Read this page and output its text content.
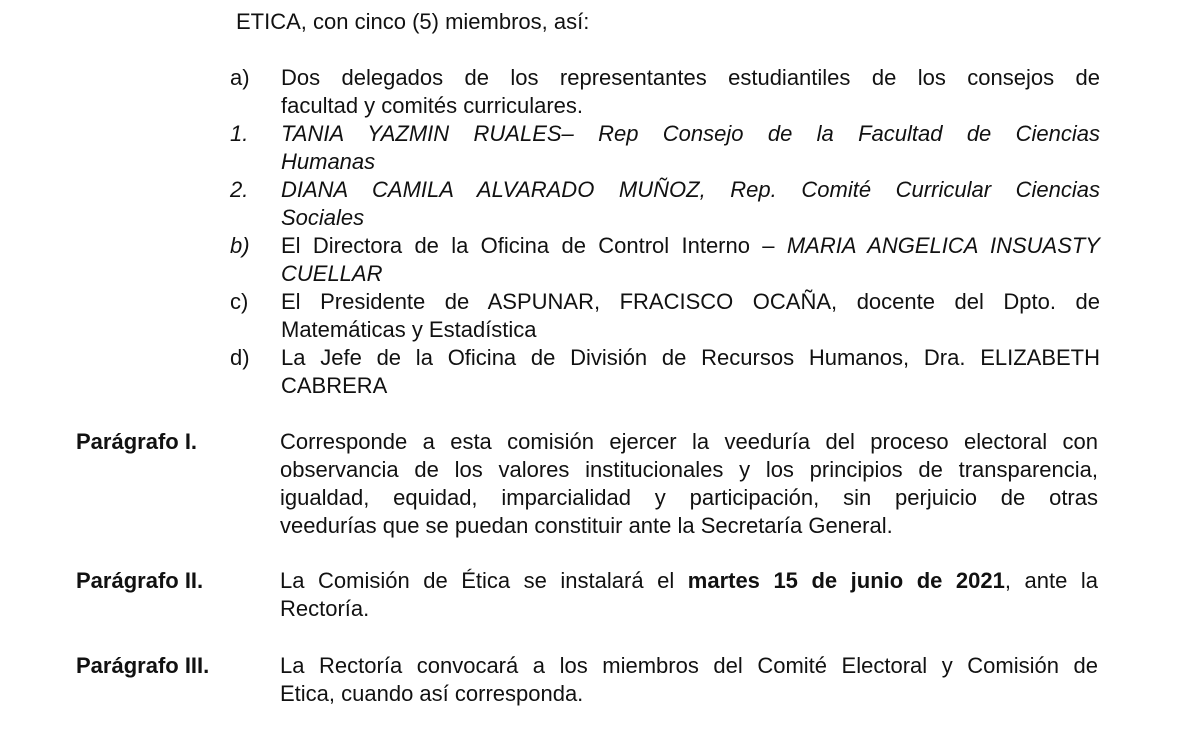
ETICA, con cinco (5) miembros, así:
a)	Dos delegados de los representantes estudiantiles de los consejos de
facultad y comités curriculares.
1.	TANIA YAZMIN RUALES– Rep Consejo de la Facultad de Ciencias
Humanas
2.	DIANA CAMILA ALVARADO MUÑOZ, Rep. Comité Curricular Ciencias
Sociales
b)	El Directora de la Oficina de Control Interno – MARIA ANGELICA INSUASTY
CUELLAR
c)	El Presidente de ASPUNAR, FRACISCO OCAÑA, docente del Dpto. de
Matemáticas y Estadística
d)	La Jefe de la Oficina de División de Recursos Humanos, Dra. ELIZABETH
CABRERA
Parágrafo I.	Corresponde a esta comisión ejercer la veeduría del proceso electoral con
observancia de los valores institucionales y los principios de transparencia,
igualdad, equidad, imparcialidad y participación, sin perjuicio de otras
veedurías que se puedan constituir ante la Secretaría General.
Parágrafo II.	La Comisión de Ética se instalará el martes 15 de junio de 2021, ante la
Rectoría.
Parágrafo III.	La Rectoría convocará a los miembros del Comité Electoral y Comisión de
Etica, cuando así corresponda.
